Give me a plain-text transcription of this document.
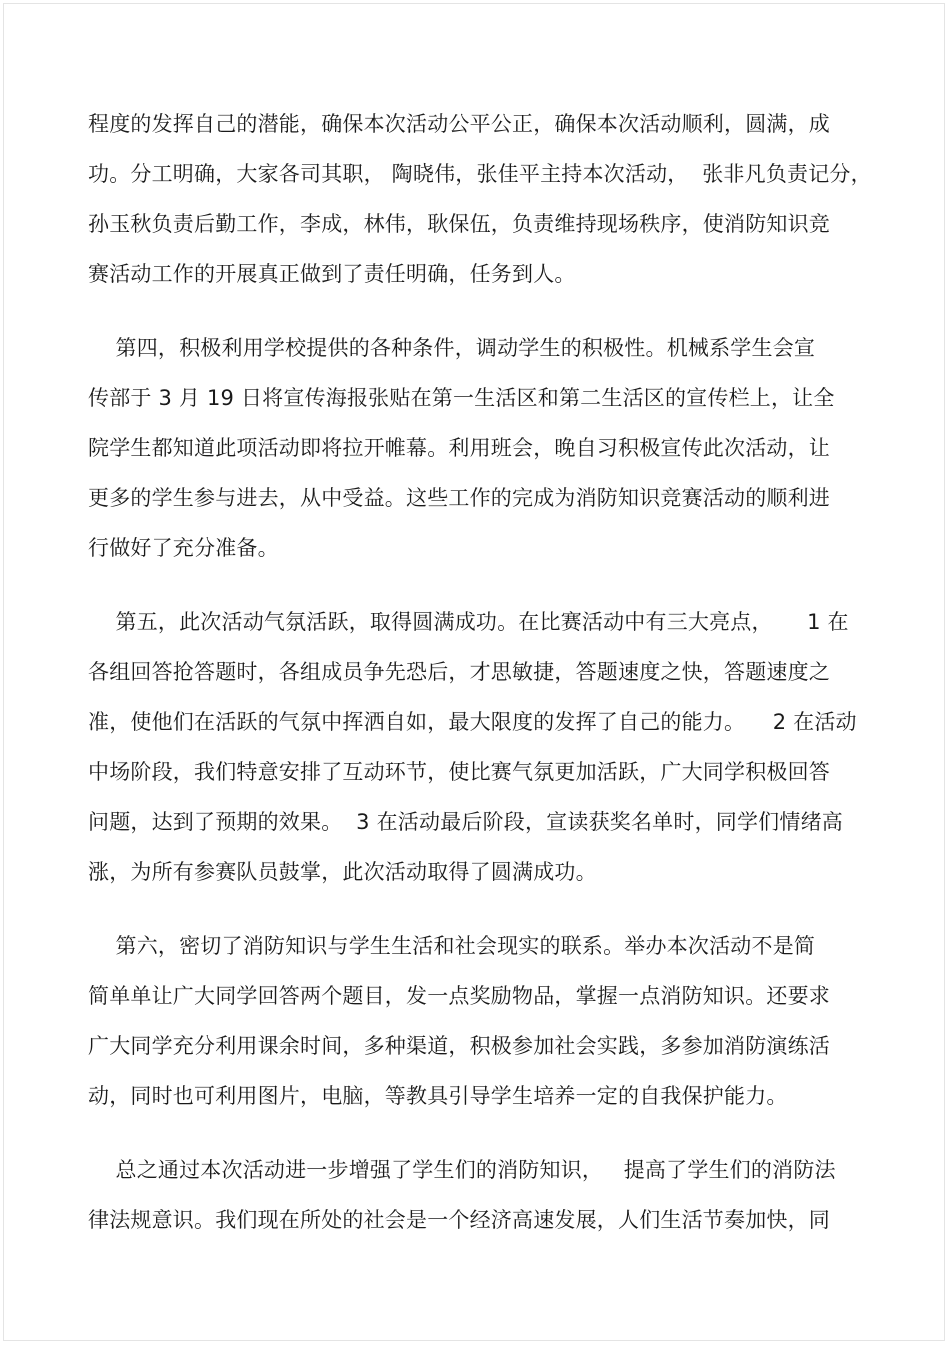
程度的发挥自己的潜能，确保本次活动公平公正，确保本次活动顺利，圆满，成
功。分工明确，大家各司其职， 陶晓伟，张佳平主持本次活动，  张非凡负责记分，
孙玉秋负责后勤工作，李成，林伟，耿保伍，负责维持现场秩序，使消防知识竞
赛活动工作的开展真正做到了责任明确，任务到人。
第四，积极利用学校提供的各种条件，调动学生的积极性。机械系学生会宣
传部于 3 月 19 日将宣传海报张贴在第一生活区和第二生活区的宣传栏上，让全
院学生都知道此项活动即将拉开帷幕。利用班会，晚自习积极宣传此次活动，让
更多的学生参与进去，从中受益。这些工作的完成为消防知识竞赛活动的顺利进
行做好了充分准备。
第五，此次活动气氛活跃，取得圆满成功。在比赛活动中有三大亮点，     1 在
各组回答抢答题时，各组成员争先恐后，才思敏捷，答题速度之快，答题速度之
准，使他们在活跃的气氛中挥洒自如，最大限度的发挥了自己的能力。    2 在活动
中场阶段，我们特意安排了互动环节，使比赛气氛更加活跃，广大同学积极回答
问题，达到了预期的效果。  3 在活动最后阶段，宣读获奖名单时，同学们情绪高
涨，为所有参赛队员鼓掌，此次活动取得了圆满成功。
第六，密切了消防知识与学生生活和社会现实的联系。举办本次活动不是简
简单单让广大同学回答两个题目，发一点奖励物品，掌握一点消防知识。还要求
广大同学充分利用课余时间，多种渠道，积极参加社会实践，多参加消防演练活
动，同时也可利用图片，电脑，等教具引导学生培养一定的自我保护能力。
总之通过本次活动进一步增强了学生们的消防知识，   提高了学生们的消防法
律法规意识。我们现在所处的社会是一个经济高速发展，人们生活节奏加快，同
